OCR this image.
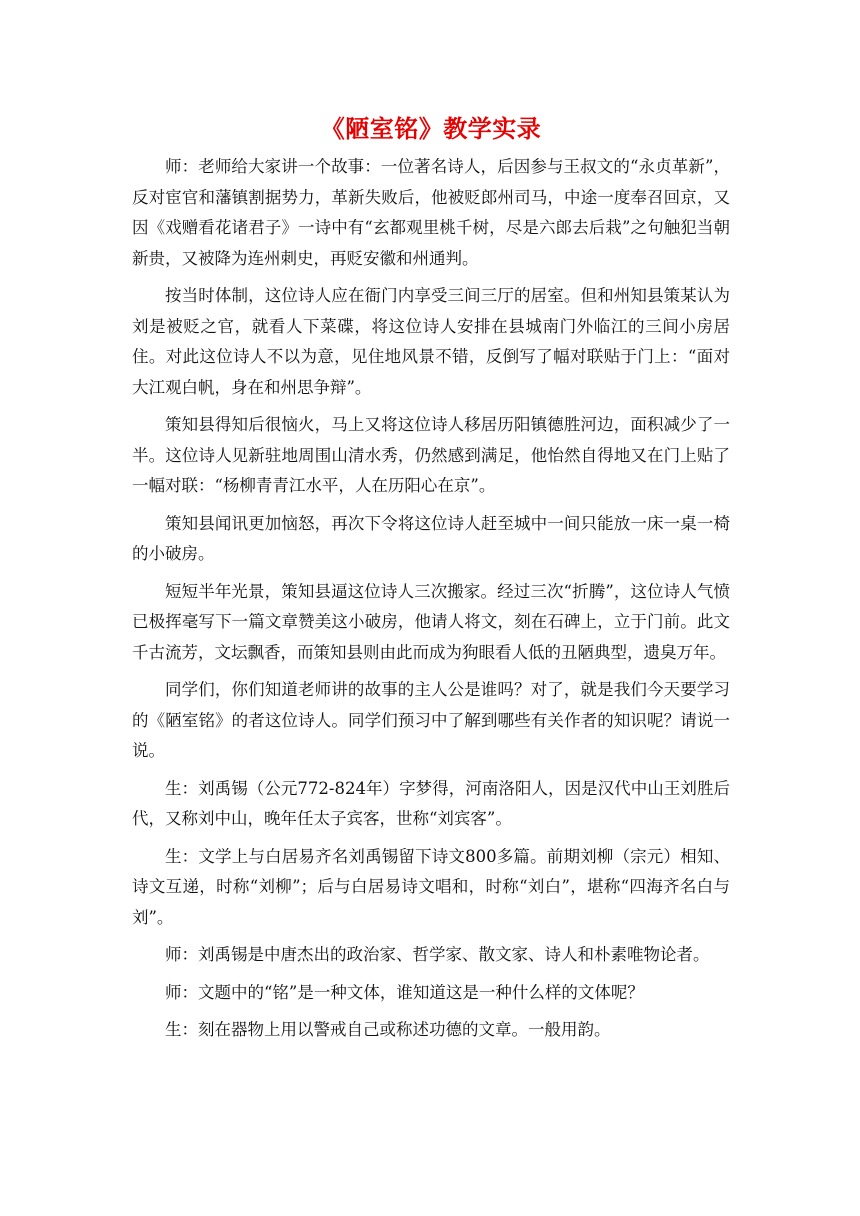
《陋室铭》教学实录

师：老师给大家讲一个故事：一位著名诗人，后因参与王叔文的“永贞革新”，反对宦官和藩镇割据势力，革新失败后，他被贬郎州司马，中途一度奉召回京，又因《戏赠看花诸君子》一诗中有“玄都观里桃千树，尽是六郎去后栽”之句触犯当朝新贵，又被降为连州刺史，再贬安徽和州通判。

按当时体制，这位诗人应在衙门内享受三间三厅的居室。但和州知县策某认为刘是被贬之官，就看人下菜碟，将这位诗人安排在县城南门外临江的三间小房居住。对此这位诗人不以为意，见住地风景不错，反倒写了幅对联贴于门上：“面对大江观白帆，身在和州思争辩”。

策知县得知后很恼火，马上又将这位诗人移居历阳镇德胜河边，面积减少了一半。这位诗人见新驻地周围山清水秀，仍然感到满足，他怡然自得地又在门上贴了一幅对联：“杨柳青青江水平，人在历阳心在京”。

策知县闻讯更加恼怒，再次下令将这位诗人赶至城中一间只能放一床一桌一椅的小破房。

短短半年光景，策知县逼这位诗人三次搬家。经过三次“折腾”，这位诗人气愤已极挥毫写下一篇文章赞美这小破房，他请人将文，刻在石碑上，立于门前。此文千古流芳，文坛飘香，而策知县则由此而成为狗眼看人低的丑陋典型，遗臭万年。

同学们，你们知道老师讲的故事的主人公是谁吗？对了，就是我们今天要学习的《陋室铭》的者这位诗人。同学们预习中了解到哪些有关作者的知识呢？请说一说。

生：刘禹锡（公元772-824年）字梦得，河南洛阳人，因是汉代中山王刘胜后代，又称刘中山，晚年任太子宾客，世称“刘宾客”。

生：文学上与白居易齐名刘禹锡留下诗文800多篇。前期刘柳（宗元）相知、诗文互递，时称“刘柳”；后与白居易诗文唱和，时称“刘白”，堪称“四海齐名白与刘”。

师：刘禹锡是中唐杰出的政治家、哲学家、散文家、诗人和朴素唯物论者。

师：文题中的“铭”是一种文体，谁知道这是一种什么样的文体呢？

生：刻在器物上用以警戒自己或称述功德的文章。一般用韵。
